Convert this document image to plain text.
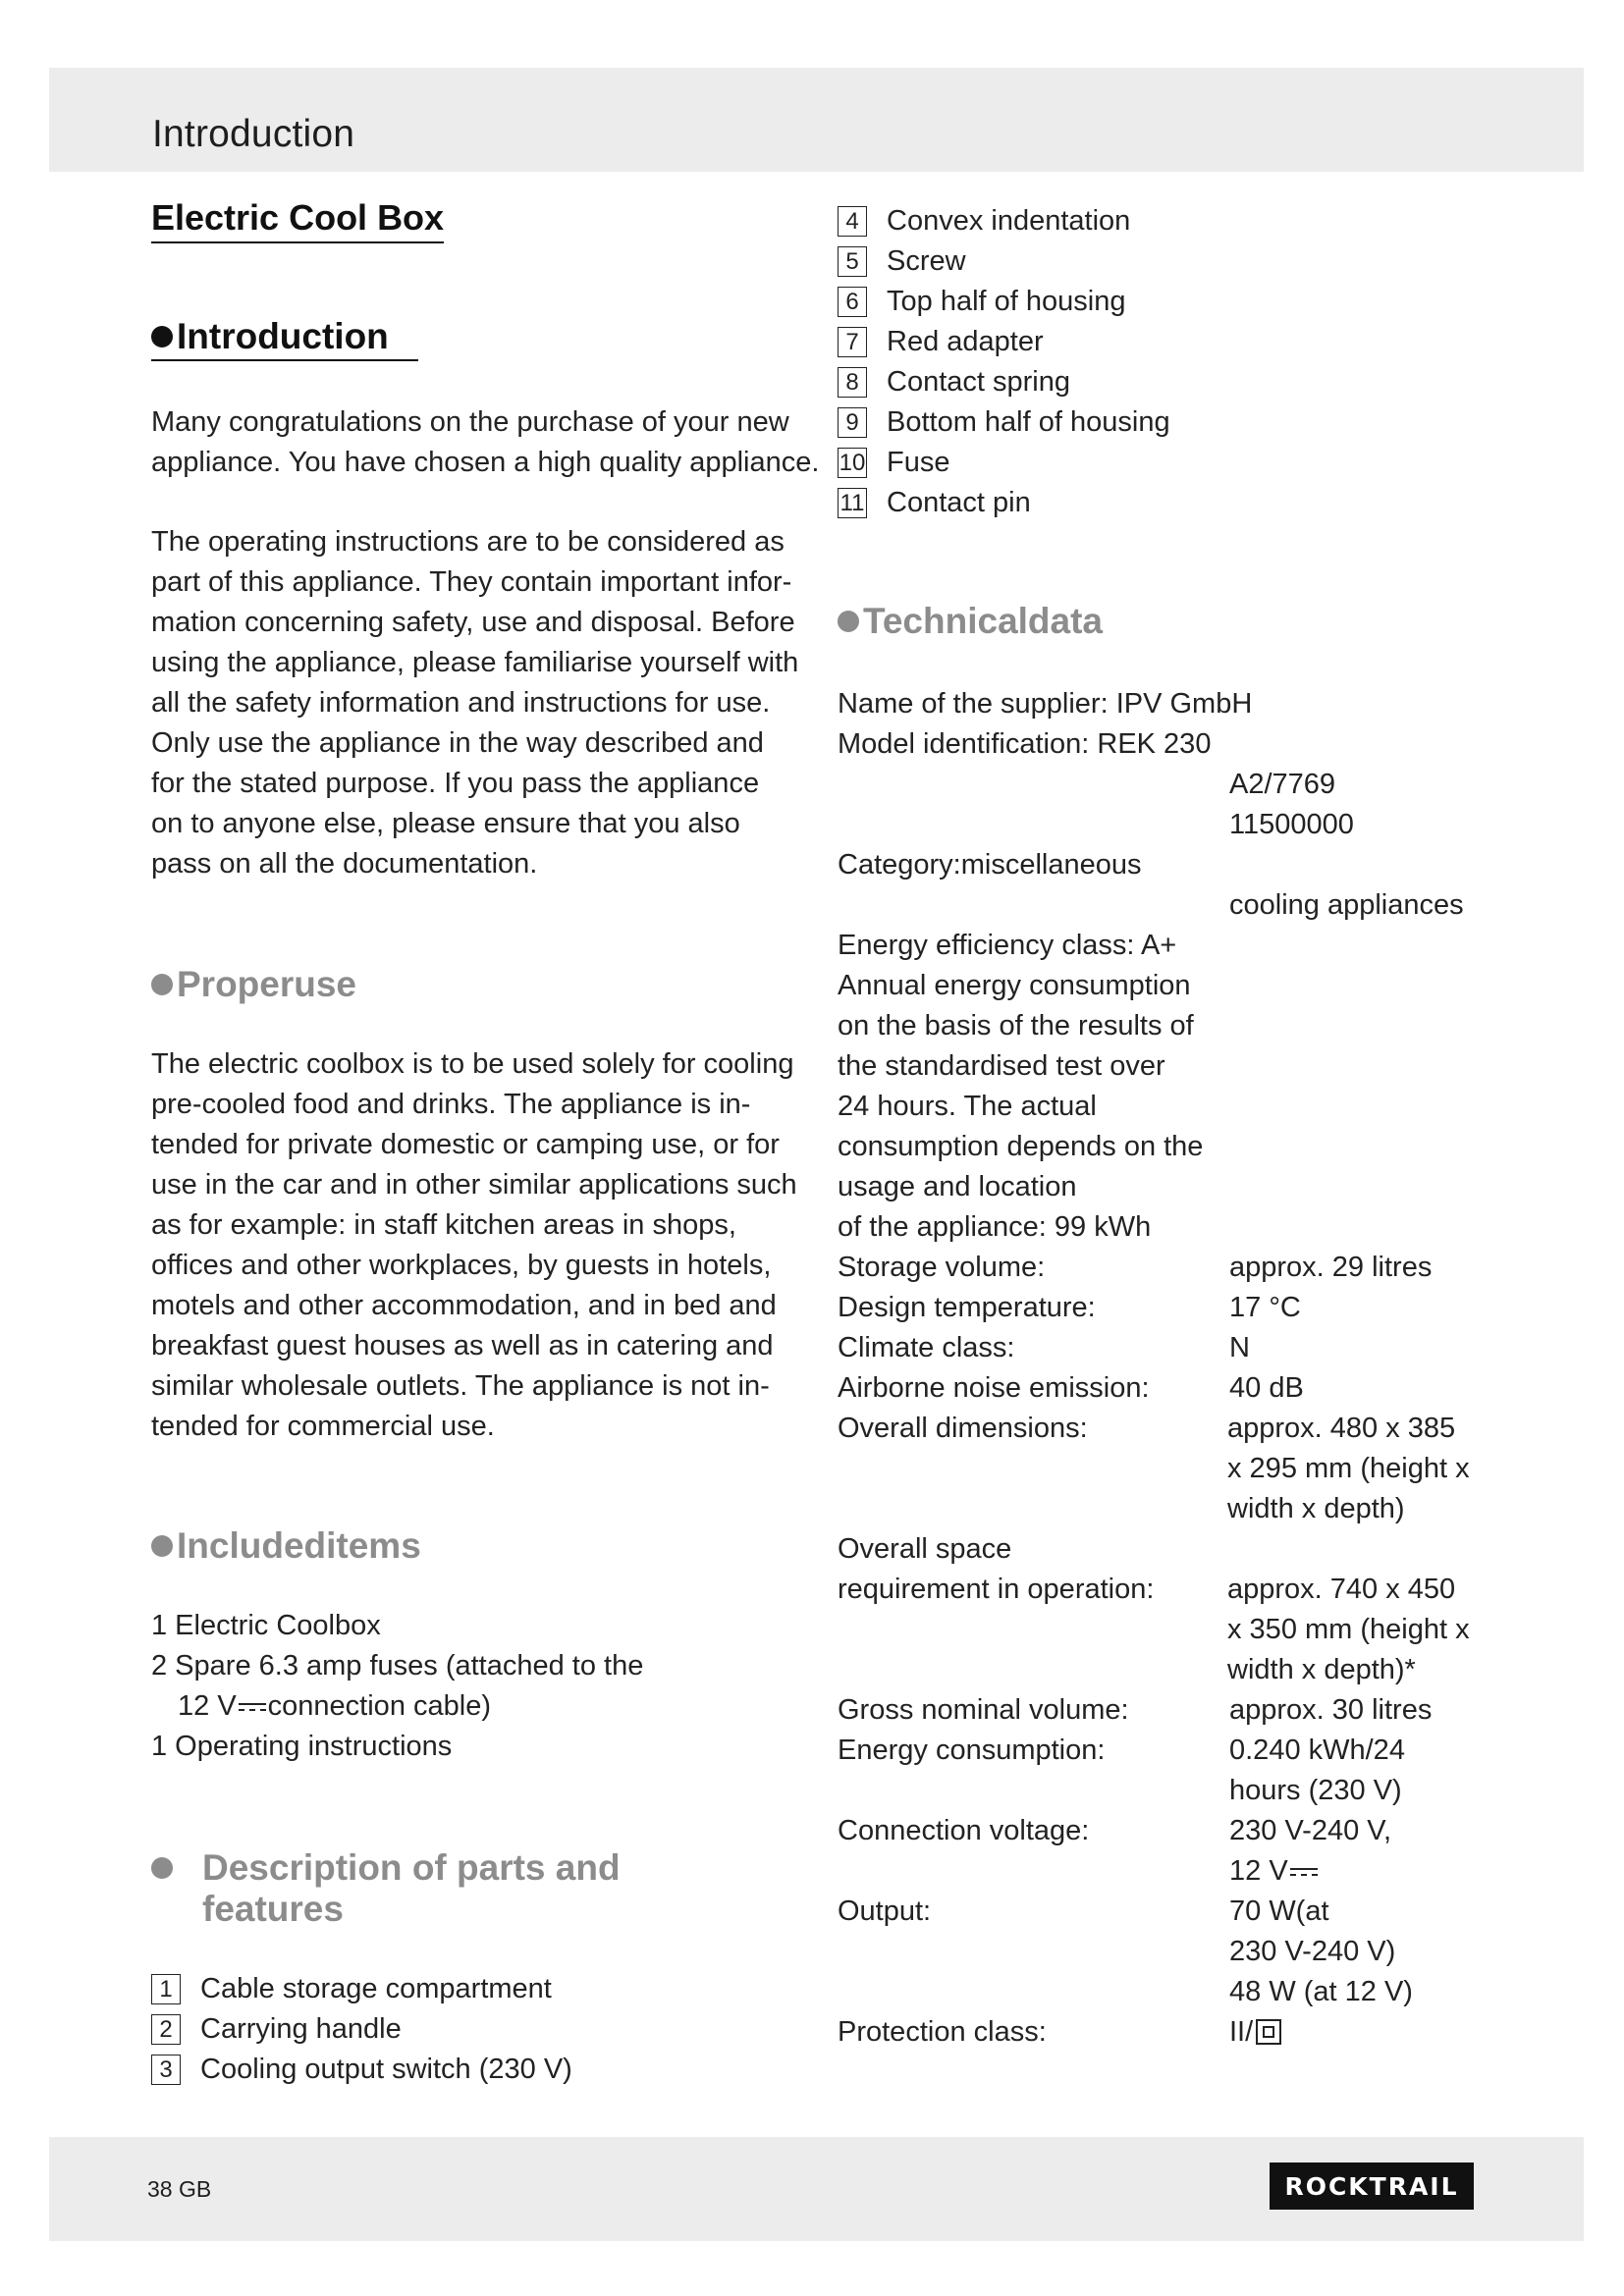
Introduction
Electric Cool Box
Introduction

Many congratulations on the purchase of your new
appliance. You have chosen a high quality appliance.

The operating instructions are to be considered as
part of this appliance. They contain important infor-
mation concerning safety, use and disposal. Before
using the appliance, please familiarise yourself with
all the safety information and instructions for use.
Only use the appliance in the way described and
for the stated purpose. If you pass the appliance
on to anyone else, please ensure that you also
pass on all the documentation.

Properuse

The electric coolbox is to be used solely for cooling
pre-cooled food and drinks. The appliance is in-
tended for private domestic or camping use, or for
use in the car and in other similar applications such
as for example: in staff kitchen areas in shops,
offices and other workplaces, by guests in hotels,
motels and other accommodation, and in bed and
breakfast guest houses as well as in catering and
similar wholesale outlets. The appliance is not in-
tended for commercial use.

Includeditems

1 Electric Coolbox
2 Spare 6.3 amp fuses (attached to the
12 V connection cable)
1 Operating instructions

Description of parts and
features
1 Cable storage compartment
2 Carrying handle
3 Cooling output switch (230 V)
4 Convex indentation
5 Screw
6 Top half of housing
7 Red adapter
8 Contact spring
9 Bottom half of housing
10 Fuse
11 Contact pin
Technicaldata
Name of the supplier: IPV GmbH
Model identification: REK 230
A2/7769
11500000
Category:miscellaneous
cooling appliances
Energy efficiency class: A+
Annual energy consumption
on the basis of the results of
the standardised test over
24 hours. The actual
consumption depends on the
usage and location
of the appliance: 99 kWh
Storage volume:	approx. 29 litres
Design temperature:	17 °C
Climate class:	N
Airborne noise emission:	40 dB
Overall dimensions:	approx. 480 x 385
x 295 mm (height x
width x depth)
Overall space
requirement in operation:	approx. 740 x 450
x 350 mm (height x
width x depth)*
Gross nominal volume:	approx. 30 litres
Energy consumption:	0.240 kWh/24
hours (230 V)
Connection voltage:	230 V-240 V,
12 V
Output:	70 W(at
230 V-240 V)
48 W (at 12 V)
Protection class:	II/
38 GB	ROCKTRAIL
